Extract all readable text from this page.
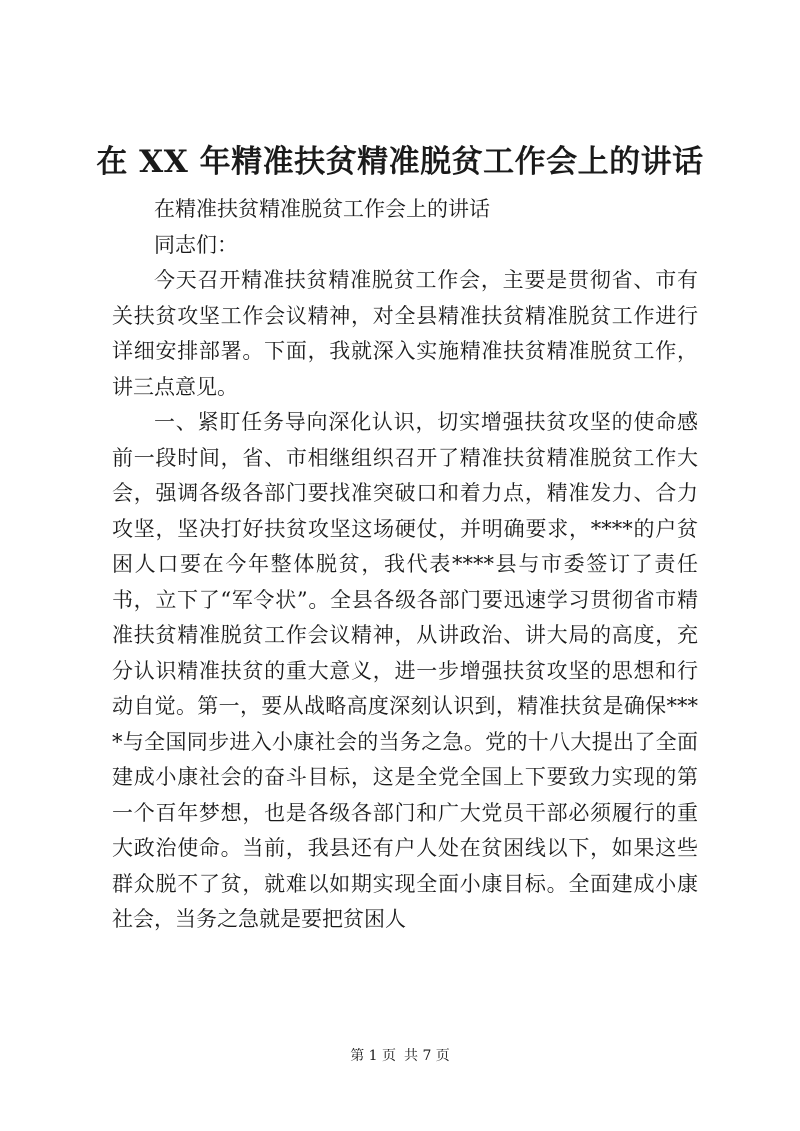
在 XX 年精准扶贫精准脱贫工作会上的讲话

在精准扶贫精准脱贫工作会上的讲话

同志们：

今天召开精准扶贫精准脱贫工作会，主要是贯彻省、市有关扶贫攻坚工作会议精神，对全县精准扶贫精准脱贫工作进行详细安排部署。下面，我就深入实施精准扶贫精准脱贫工作，讲三点意见。

一、紧盯任务导向深化认识，切实增强扶贫攻坚的使命感前一段时间，省、市相继组织召开了精准扶贫精准脱贫工作大会，强调各级各部门要找准突破口和着力点，精准发力、合力攻坚，坚决打好扶贫攻坚这场硬仗，并明确要求，****的户贫困人口要在今年整体脱贫，我代表****县与市委签订了责任书，立下了“军令状”。全县各级各部门要迅速学习贯彻省市精准扶贫精准脱贫工作会议精神，从讲政治、讲大局的高度，充分认识精准扶贫的重大意义，进一步增强扶贫攻坚的思想和行动自觉。第一，要从战略高度深刻认识到，精准扶贫是确保****与全国同步进入小康社会的当务之急。党的十八大提出了全面建成小康社会的奋斗目标，这是全党全国上下要致力实现的第一个百年梦想，也是各级各部门和广大党员干部必须履行的重大政治使命。当前，我县还有户人处在贫困线以下，如果这些群众脱不了贫，就难以如期实现全面小康目标。全面建成小康社会，当务之急就是要把贫困人

第 1 页 共 7 页
